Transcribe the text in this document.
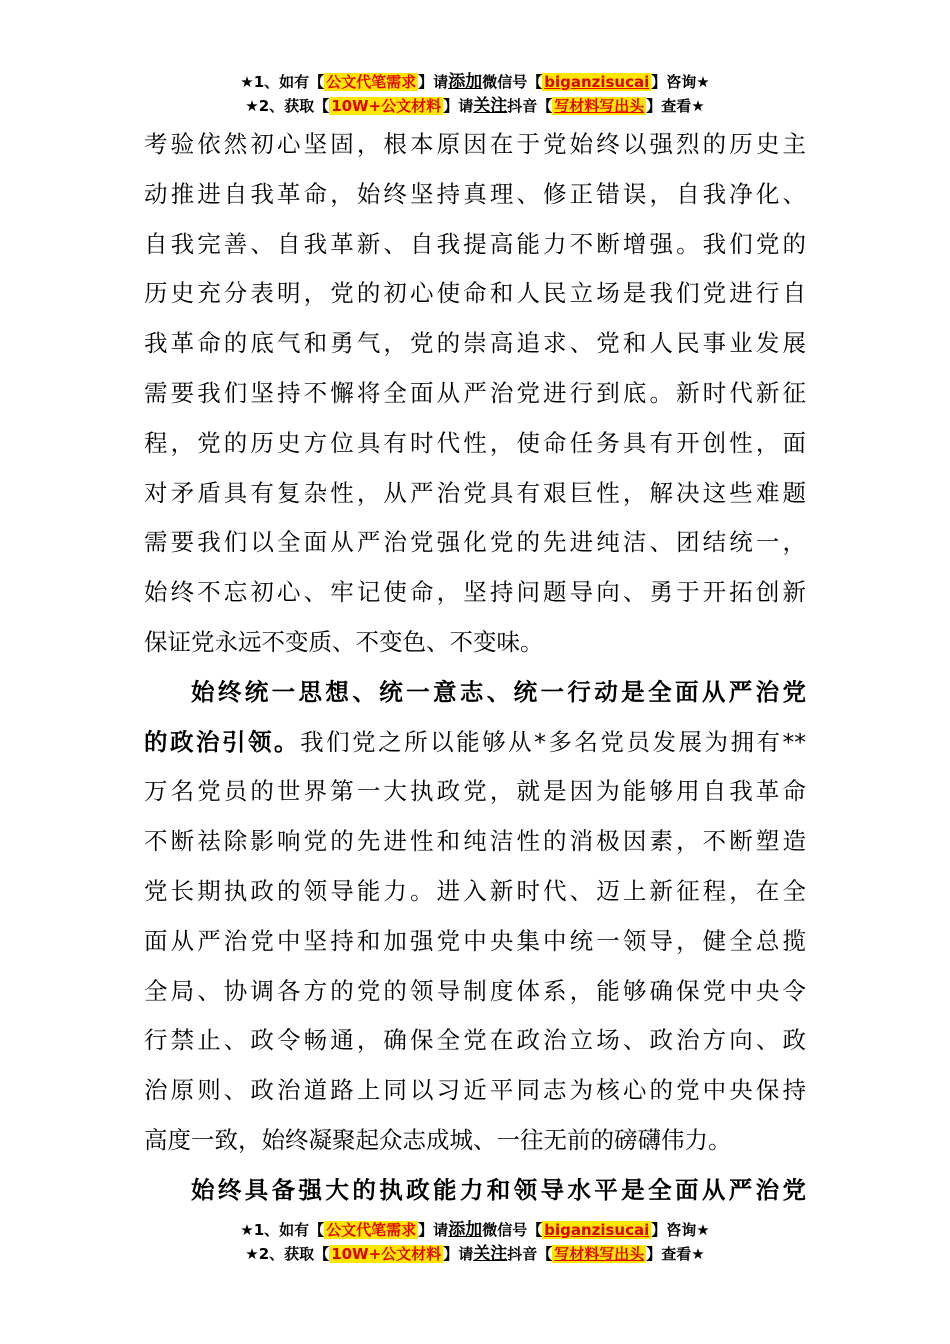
★1、如有【 公文代笔需求 】请添加微信号【 biganzisucai 】咨询★
★2、获取【 10W+公文材料 】请关注抖音【 写材料写出头 】查看★

考验依然初心坚固，根本原因在于党始终以强烈的历史主
动推进自我革命，始终坚持真理、修正错误，自我净化、
自我完善、自我革新、自我提高能力不断增强。我们党的
历史充分表明，党的初心使命和人民立场是我们党进行自
我革命的底气和勇气，党的崇高追求、党和人民事业发展
需要我们坚持不懈将全面从严治党进行到底。新时代新征
程，党的历史方位具有时代性，使命任务具有开创性，面
对矛盾具有复杂性，从严治党具有艰巨性，解决这些难题
需要我们以全面从严治党强化党的先进纯洁、团结统一，
始终不忘初心、牢记使命，坚持问题导向、勇于开拓创新
保证党永远不变质、不变色、不变味。

始终统一思想、统一意志、统一行动是全面从严治党
的政治引领。我们党之所以能够从*多名党员发展为拥有**
万名党员的世界第一大执政党，就是因为能够用自我革命
不断祛除影响党的先进性和纯洁性的消极因素，不断塑造
党长期执政的领导能力。进入新时代、迈上新征程，在全
面从严治党中坚持和加强党中央集中统一领导，健全总揽
全局、协调各方的党的领导制度体系，能够确保党中央令
行禁止、政令畅通，确保全党在政治立场、政治方向、政
治原则、政治道路上同以习近平同志为核心的党中央保持
高度一致，始终凝聚起众志成城、一往无前的磅礴伟力。

始终具备强大的执政能力和领导水平是全面从严治党

★1、如有【 公文代笔需求 】请添加微信号【 biganzisucai 】咨询★
★2、获取【 10W+公文材料 】请关注抖音【 写材料写出头 】查看★
